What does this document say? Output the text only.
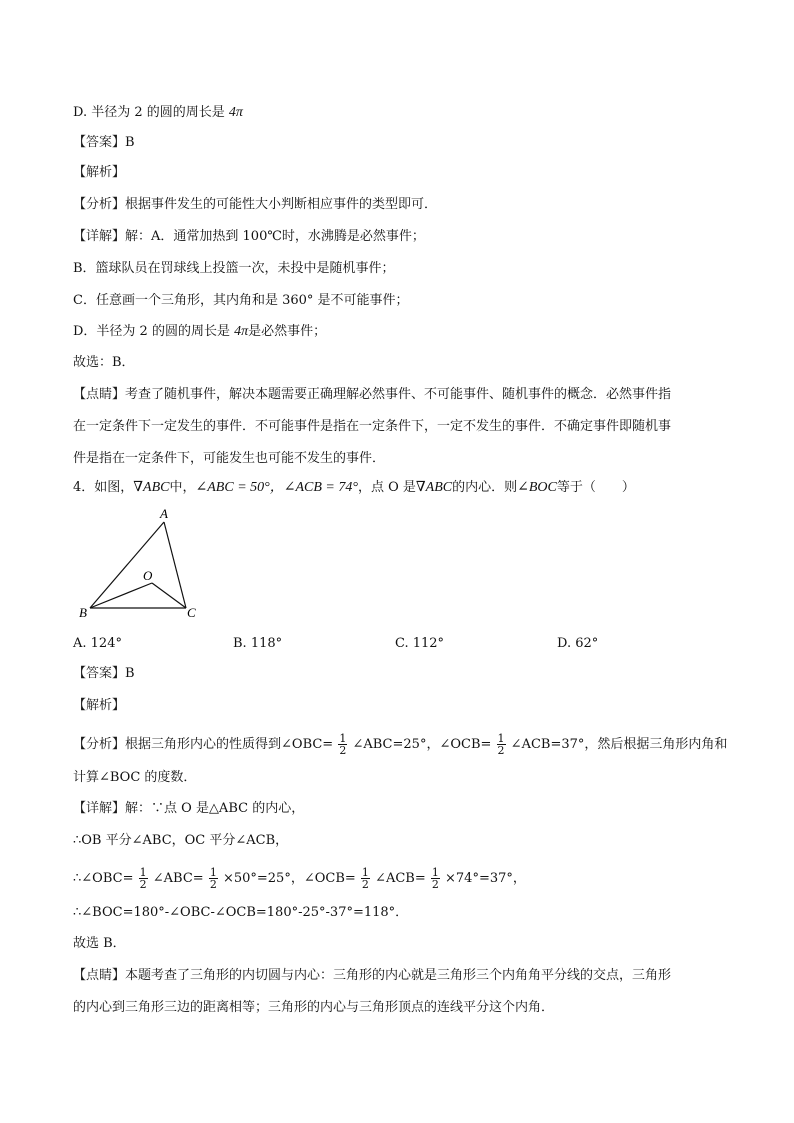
D. 半径为 2 的圆的周长是 4π
【答案】B
【解析】
【分析】根据事件发生的可能性大小判断相应事件的类型即可．
【详解】解：A．通常加热到 100℃时，水沸腾是必然事件；
B．篮球队员在罚球线上投篮一次，未投中是随机事件；
C．任意画一个三角形，其内角和是 360° 是不可能事件；
D．半径为 2 的圆的周长是 4π是必然事件；
故选：B．
【点睛】考查了随机事件，解决本题需要正确理解必然事件、不可能事件、随机事件的概念．必然事件指
在一定条件下一定发生的事件．不可能事件是指在一定条件下，一定不发生的事件．不确定事件即随机事
件是指在一定条件下，可能发生也可能不发生的事件．
4．如图，∇ABC中，∠ABC = 50°，∠ACB = 74°，点 O 是∇ABC的内心．则∠BOC等于（　　）
A
B	C
O
A. 124°	B. 118°	C. 112°	D. 62°
【答案】B
【解析】
【分析】根据三角形内心的性质得到∠OBC= $\frac{1}{2}$ ∠ABC=25°，∠OCB= $\frac{1}{2}$ ∠ACB=37°，然后根据三角形内角和
计算∠BOC 的度数．
【详解】解：∵点 O 是△ABC 的内心，
∴OB 平分∠ABC，OC 平分∠ACB，
∴∠OBC= $\frac{1}{2}$ ∠ABC= $\frac{1}{2} \times 50^\circ=25^\circ$，∠OCB= $\frac{1}{2}$ ∠ACB= $\frac{1}{2} \times 74^\circ=37^\circ$，
∴∠BOC=180°-∠OBC-∠OCB=180°-25°-37°=118°．
故选 B．
【点睛】本题考查了三角形的内切圆与内心：三角形的内心就是三角形三个内角角平分线的交点，三角形
的内心到三角形三边的距离相等；三角形的内心与三角形顶点的连线平分这个内角．
